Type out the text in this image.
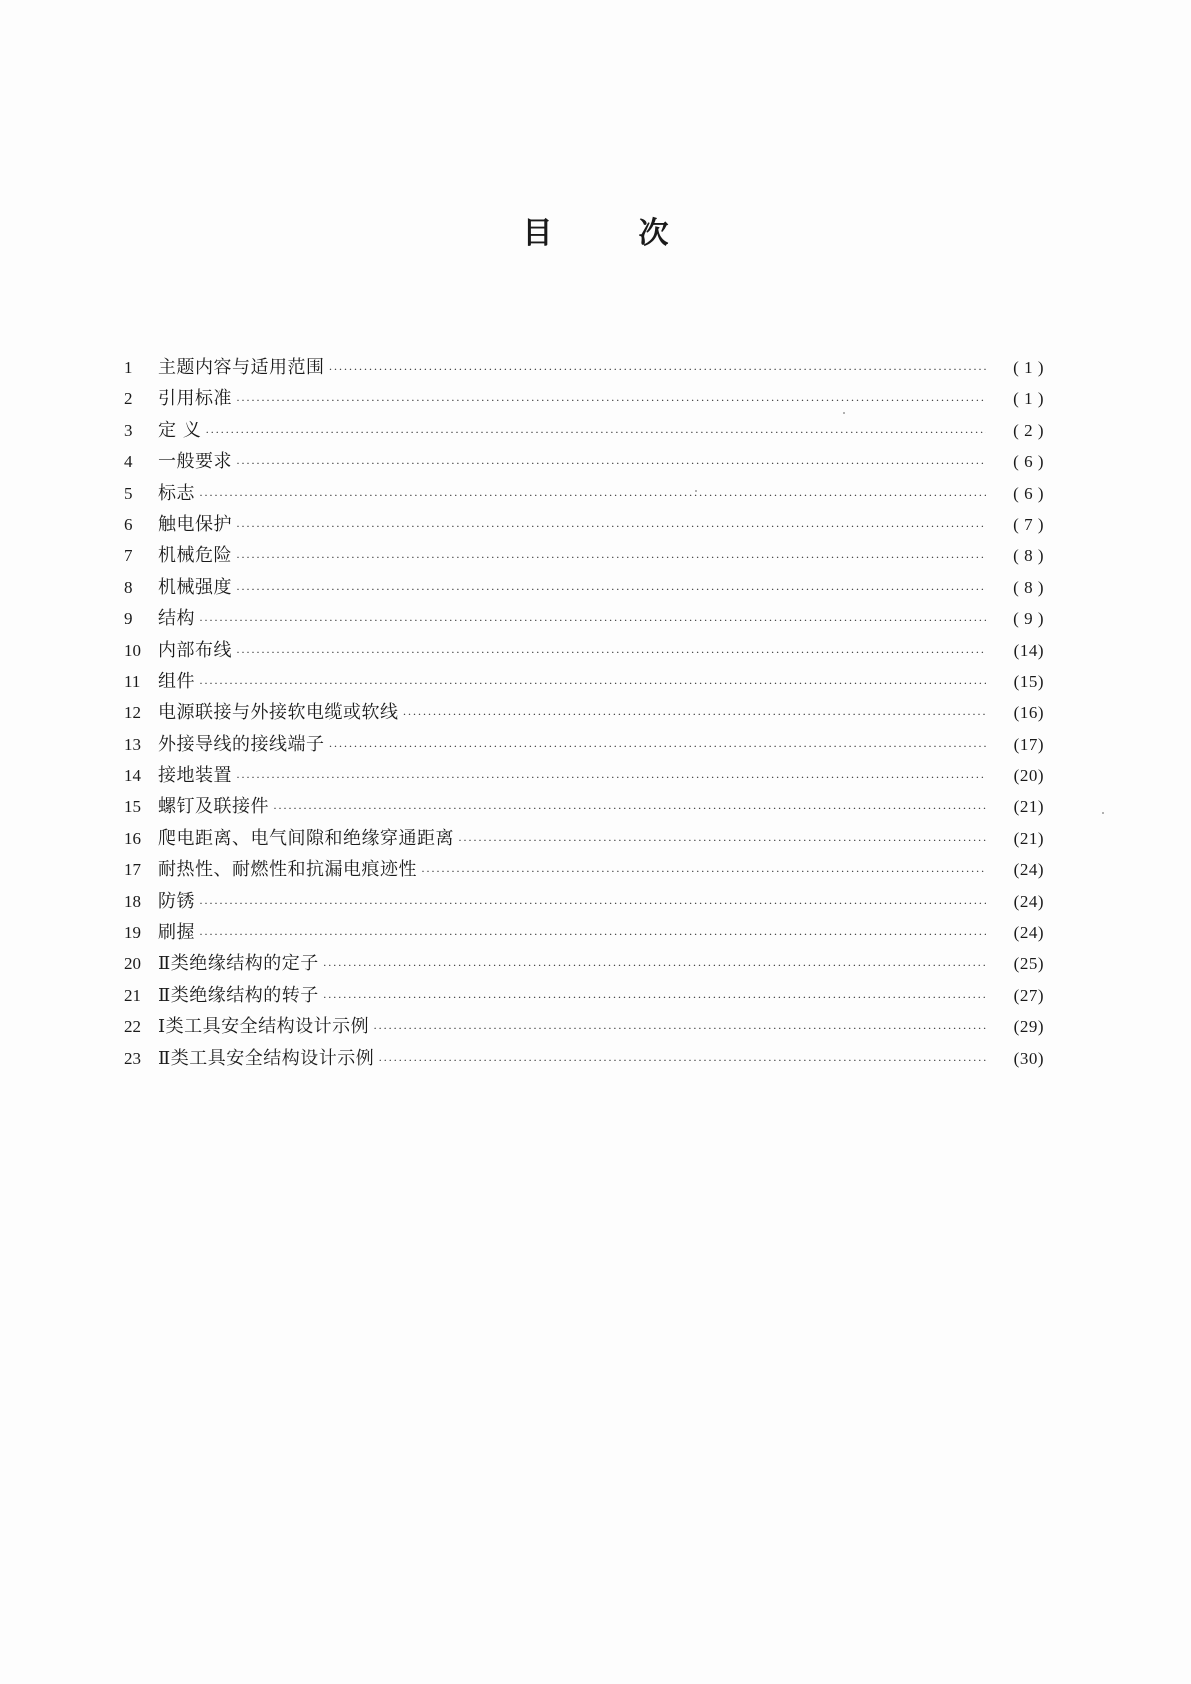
目	次
1	主题内容与适用范围 ·····	( 1 )
2	引用标准 ·····	( 1 )
3	定 义 ·····	( 2 )
4	一般要求 ·····	( 6 )
5	标志 ·····	( 6 )
6	触电保护 ·····	( 7 )
7	机械危险 ·····	( 8 )
8	机械强度 ·····	( 8 )
9	结构 ·····	( 9 )
10 内部布线 ·····	(14)
11 组件 ·····	(15)
12 电源联接与外接软电缆或软线 ·····	(16)
13 外接导线的接线端子 ·····	(17)
14 接地装置 ·····	(20)
15 螺钉及联接件 ·····	(21)
16 爬电距离、电气间隙和绝缘穿通距离 ·····	(21)
17 耐热性、耐燃性和抗漏电痕迹性 ·····	(24)
18 防锈 ·····	(24)
19 刷握 ·····	(24)
20 Ⅱ类绝缘结构的定子 ·····	(25)
21 Ⅱ类绝缘结构的转子 ·····	(27)
22 Ⅰ类工具安全结构设计示例 ·····	(29)
23 Ⅱ类工具安全结构设计示例 ·····	(30)
